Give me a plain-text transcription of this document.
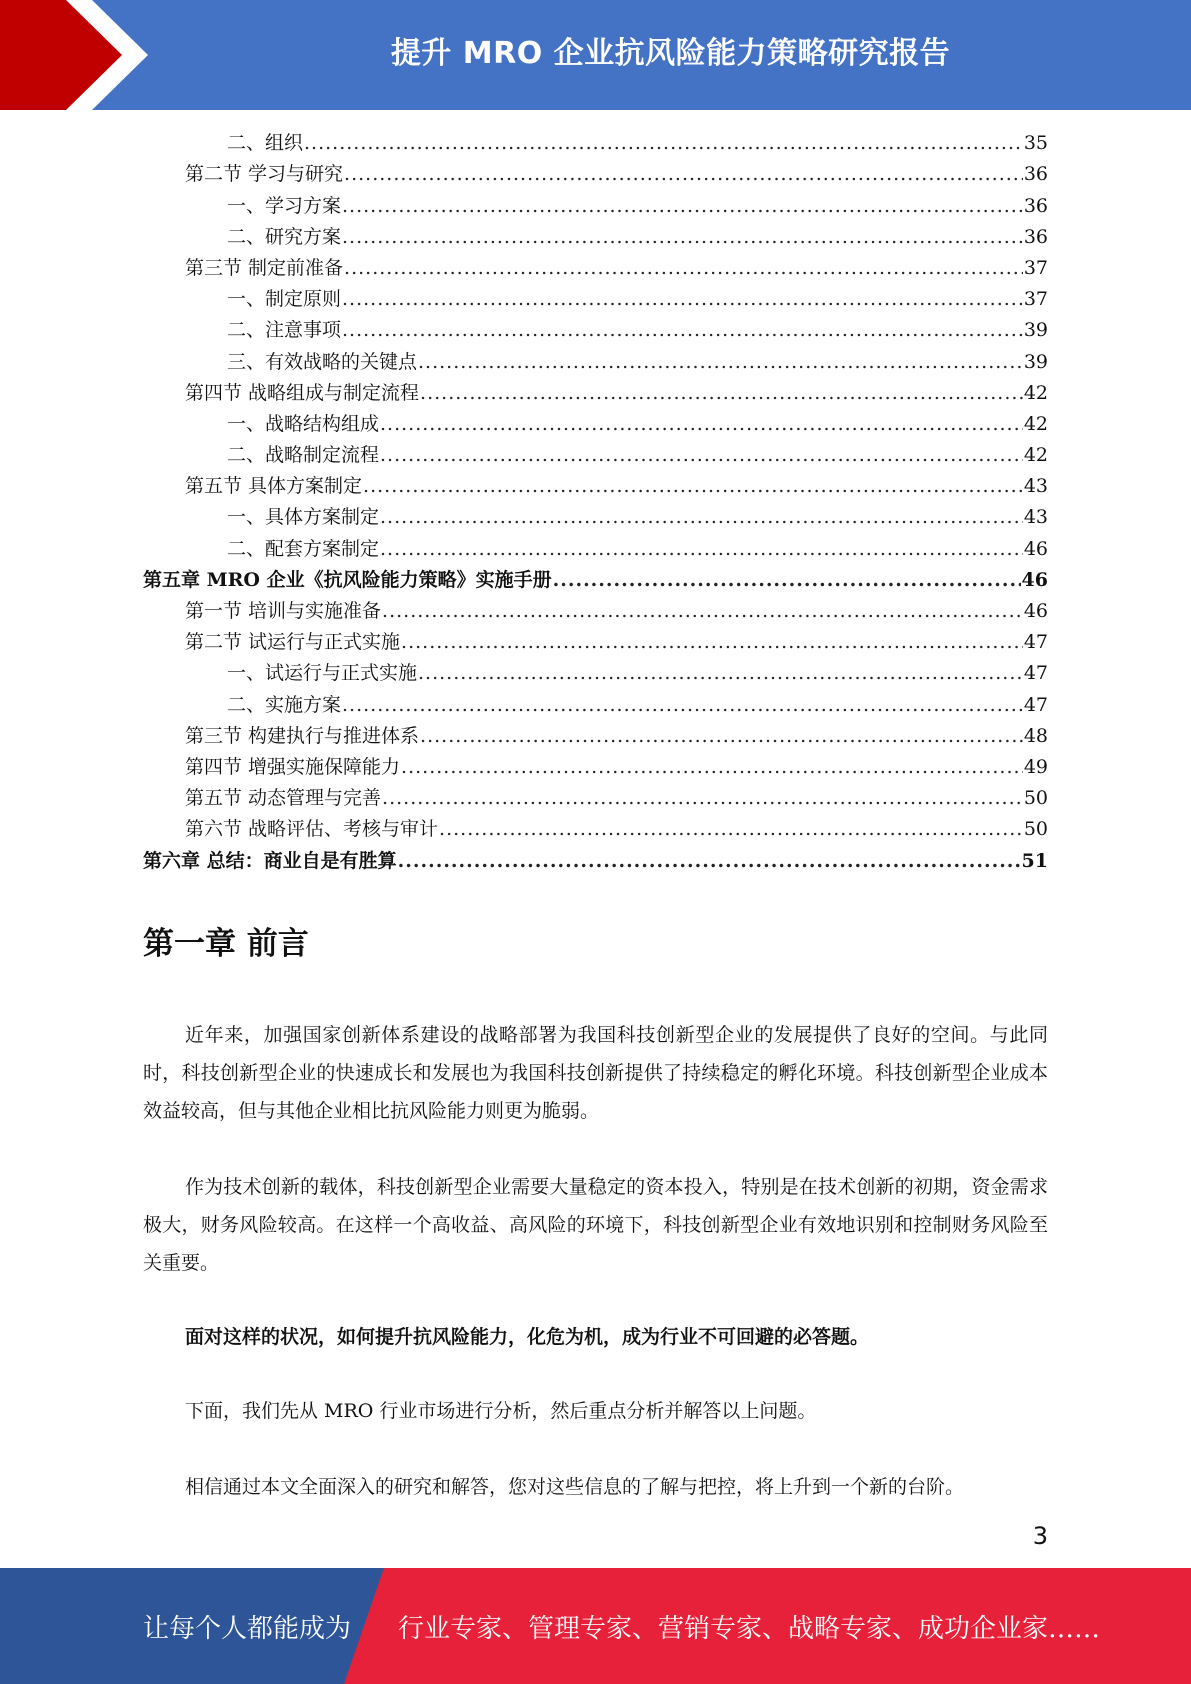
提升 MRO 企业抗风险能力策略研究报告
二、组织 .....	35
第二节 学习与研究 .....	36
一、学习方案 .....	36
二、研究方案 .....	36
第三节 制定前准备 .....	37
一、制定原则 .....	37
二、注意事项 .....	39
三、有效战略的关键点 .....	39
第四节 战略组成与制定流程 .....	42
一、战略结构组成 .....	42
二、战略制定流程 .....	42
第五节 具体方案制定 .....	43
一、具体方案制定 .....	43
二、配套方案制定 .....	46
第五章 MRO 企业《抗风险能力策略》实施手册 .....	46
第一节 培训与实施准备 .....	46
第二节 试运行与正式实施 .....	47
一、试运行与正式实施 .....	47
二、实施方案 .....	47
第三节 构建执行与推进体系 .....	48
第四节 增强实施保障能力 .....	49
第五节 动态管理与完善 .....	50
第六节 战略评估、考核与审计 .....	50
第六章 总结：商业自是有胜算 .....	51
第一章 前言

近年来，加强国家创新体系建设的战略部署为我国科技创新型企业的发展提供了良好的空间。与此同时，科技创新型企业的快速成长和发展也为我国科技创新提供了持续稳定的孵化环境。科技创新型企业成本效益较高，但与其他企业相比抗风险能力则更为脆弱。

作为技术创新的载体，科技创新型企业需要大量稳定的资本投入，特别是在技术创新的初期，资金需求极大，财务风险较高。在这样一个高收益、高风险的环境下，科技创新型企业有效地识别和控制财务风险至关重要。

面对这样的状况，如何提升抗风险能力，化危为机，成为行业不可回避的必答题。

下面，我们先从 MRO 行业市场进行分析，然后重点分析并解答以上问题。

相信通过本文全面深入的研究和解答，您对这些信息的了解与把控，将上升到一个新的台阶。

3
让每个人都能成为 行业专家、管理专家、营销专家、战略专家、成功企业家……
